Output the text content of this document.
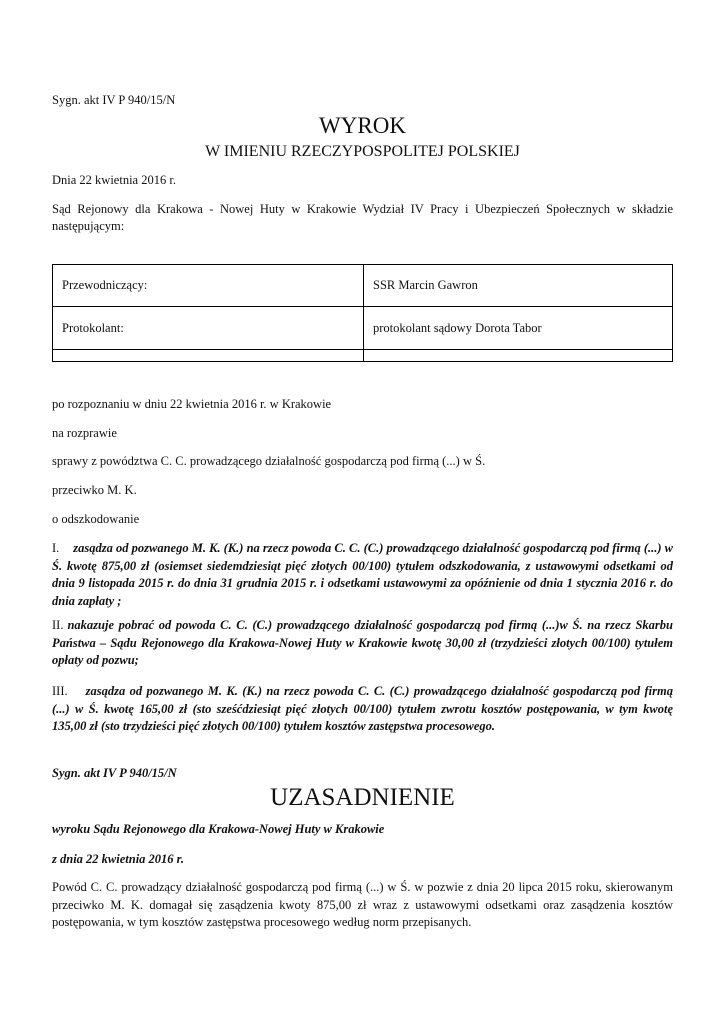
Sygn. akt IV P 940/15/N
WYROK
W IMIENIU RZECZYPOSPOLITEJ POLSKIEJ
Dnia 22 kwietnia 2016 r.
Sąd Rejonowy dla Krakowa - Nowej Huty w Krakowie Wydział IV Pracy i Ubezpieczeń Społecznych w składzie następującym:
Przewodniczący:	SSR Marcin Gawron
Protokolant:	protokolant sądowy Dorota Tabor

po rozpoznaniu w dniu 22 kwietnia 2016 r. w Krakowie
na rozprawie
sprawy z powództwa C. C. prowadzącego działalność gospodarczą pod firmą (...) w Ś.
przeciwko M. K.
o odszkodowanie
I. zasądza od pozwanego M. K. (K.) na rzecz powoda C. C. (C.) prowadzącego działalność gospodarczą pod firmą (...) w Ś. kwotę 875,00 zł (osiemset siedemdziesiąt pięć złotych 00/100) tytułem odszkodowania, z ustawowymi odsetkami od dnia 9 listopada 2015 r. do dnia 31 grudnia 2015 r. i odsetkami ustawowymi za opóźnienie od dnia 1 stycznia 2016 r. do dnia zapłaty ;
II. nakazuje pobrać od powoda C. C. (C.) prowadzącego działalność gospodarczą pod firmą (...)w Ś. na rzecz Skarbu Państwa – Sądu Rejonowego dla Krakowa-Nowej Huty w Krakowie kwotę 30,00 zł (trzydzieści złotych 00/100) tytułem opłaty od pozwu;
III. zasądza od pozwanego M. K. (K.) na rzecz powoda C. C. (C.) prowadzącego działalność gospodarczą pod firmą (...) w Ś. kwotę 165,00 zł (sto sześćdziesiąt pięć złotych 00/100) tytułem zwrotu kosztów postępowania, w tym kwotę 135,00 zł (sto trzydzieści pięć złotych 00/100) tytułem kosztów zastępstwa procesowego.
Sygn. akt IV P 940/15/N
UZASADNIENIE
wyroku Sądu Rejonowego dla Krakowa-Nowej Huty w Krakowie
z dnia 22 kwietnia 2016 r.
Powód C. C. prowadzący działalność gospodarczą pod firmą (...) w Ś. w pozwie z dnia 20 lipca 2015 roku, skierowanym przeciwko M. K. domagał się zasądzenia kwoty 875,00 zł wraz z ustawowymi odsetkami oraz zasądzenia kosztów postępowania, w tym kosztów zastępstwa procesowego według norm przepisanych.
